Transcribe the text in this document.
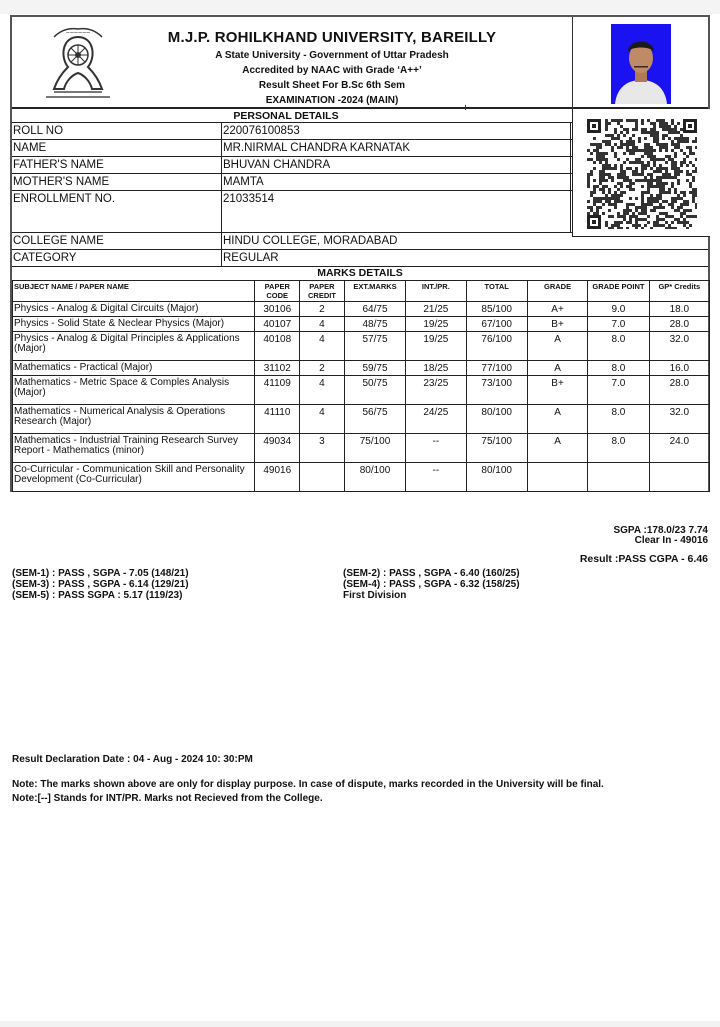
~~~~~~	M.J.P. ROHILKHAND UNIVERSITY, BAREILLY
A State University - Government of Uttar Pradesh
Accredited by NAAC with Grade ‘A++’
Result Sheet For B.Sc 6th Sem
EXAMINATION -2024 (MAIN)
PERSONAL DETAILS
ROLL NO	220076100853
NAME	MR.NIRMAL CHANDRA KARNATAK
FATHER'S NAME	BHUVAN CHANDRA
MOTHER'S NAME	MAMTA
ENROLLMENT NO.	21033514
COLLEGE NAME	HINDU COLLEGE, MORADABAD
CATEGORY	REGULAR
MARKS DETAILS
SUBJECT NAME / PAPER NAME	PAPER CODE	PAPER CREDIT	EXT.MARKS	INT./PR.	TOTAL	GRADE	GRADE POINT	GP* Credits
Physics - Analog & Digital Circuits (Major)	30106	2	64/75	21/25	85/100	A+	9.0	18.0
Physics - Solid State & Neclear Physics (Major)	40107	4	48/75	19/25	67/100	B+	7.0	28.0
Physics - Analog & Digital Principles & Applications (Major)	40108	4	57/75	19/25	76/100	A	8.0	32.0
Mathematics - Practical (Major)	31102	2	59/75	18/25	77/100	A	8.0	16.0
Mathematics - Metric Space & Comples Analysis (Major)	41109	4	50/75	23/25	73/100	B+	7.0	28.0
Mathematics - Numerical Analysis & Operations Research (Major)	41110	4	56/75	24/25	80/100	A	8.0	32.0
Mathematics - Industrial Training Research Survey Report - Mathematics (minor)	49034	3	75/100	--	75/100	A	8.0	24.0
Co-Curricular - Communication Skill and Personality Development (Co-Curricular)	49016		80/100	--	80/100			
SGPA :178.0/23 7.74
Clear In - 49016
Result :PASS CGPA - 6.46
(SEM-1) : PASS , SGPA - 7.05 (148/21)
(SEM-3) : PASS , SGPA - 6.14 (129/21)
(SEM-5) : PASS SGPA : 5.17 (119/23)
(SEM-2) : PASS , SGPA - 6.40 (160/25)
(SEM-4) : PASS , SGPA - 6.32 (158/25)
First Division
Result Declaration Date : 04 - Aug - 2024 10: 30:PM
Note: The marks shown above are only for display purpose. In case of dispute, marks recorded in the University will be final.
Note:[--] Stands for INT/PR. Marks not Recieved from the College.
